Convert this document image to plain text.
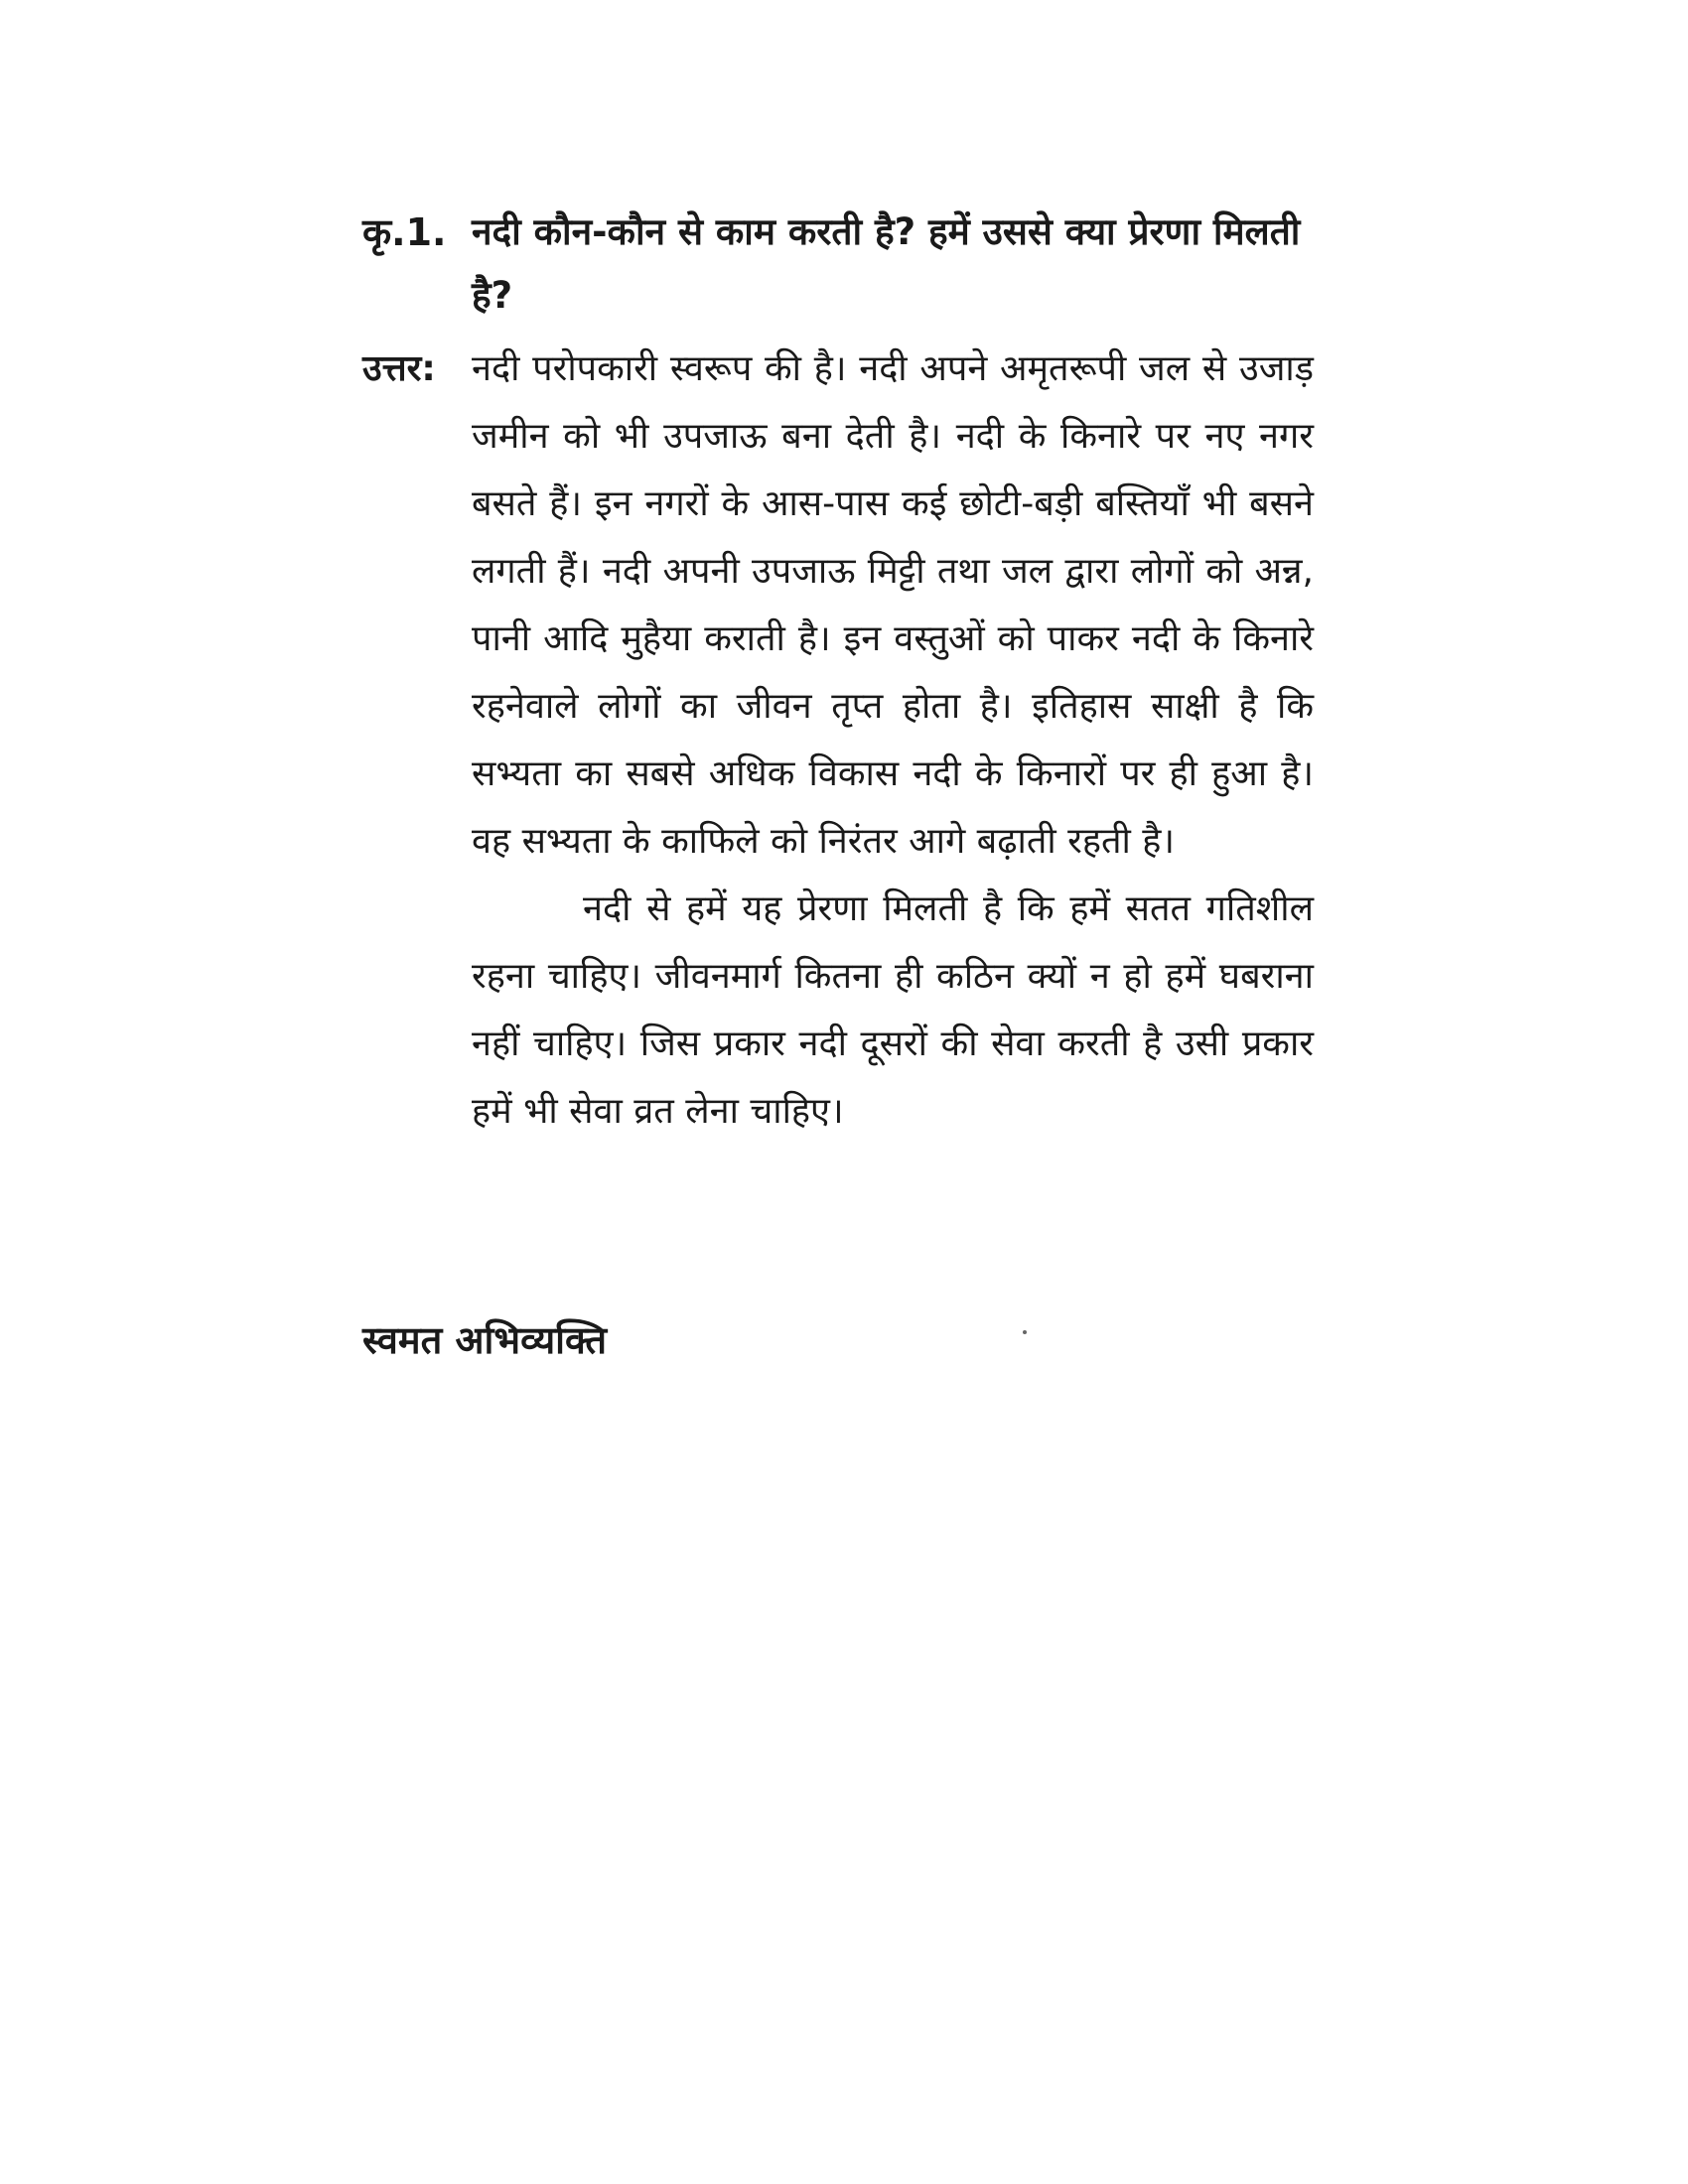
कृ.1. नदी कौन-कौन से काम करती है? हमें उससे क्या प्रेरणा मिलती है?
उत्तर: नदी परोपकारी स्वरूप की है। नदी अपने अमृतरूपी जल से उजाड़ जमीन को भी उपजाऊ बना देती है। नदी के किनारे पर नए नगर बसते हैं। इन नगरों के आस-पास कई छोटी-बड़ी बस्तियाँ भी बसने लगती हैं। नदी अपनी उपजाऊ मिट्टी तथा जल द्वारा लोगों को अन्न, पानी आदि मुहैया कराती है। इन वस्तुओं को पाकर नदी के किनारे रहनेवाले लोगों का जीवन तृप्त होता है। इतिहास साक्षी है कि सभ्यता का सबसे अधिक विकास नदी के किनारों पर ही हुआ है। वह सभ्यता के काफिले को निरंतर आगे बढ़ाती रहती है।

नदी से हमें यह प्रेरणा मिलती है कि हमें सतत गतिशील रहना चाहिए। जीवनमार्ग कितना ही कठिन क्यों न हो हमें घबराना नहीं चाहिए। जिस प्रकार नदी दूसरों की सेवा करती है उसी प्रकार हमें भी सेवा व्रत लेना चाहिए।

स्वमत अभिव्यक्ति
